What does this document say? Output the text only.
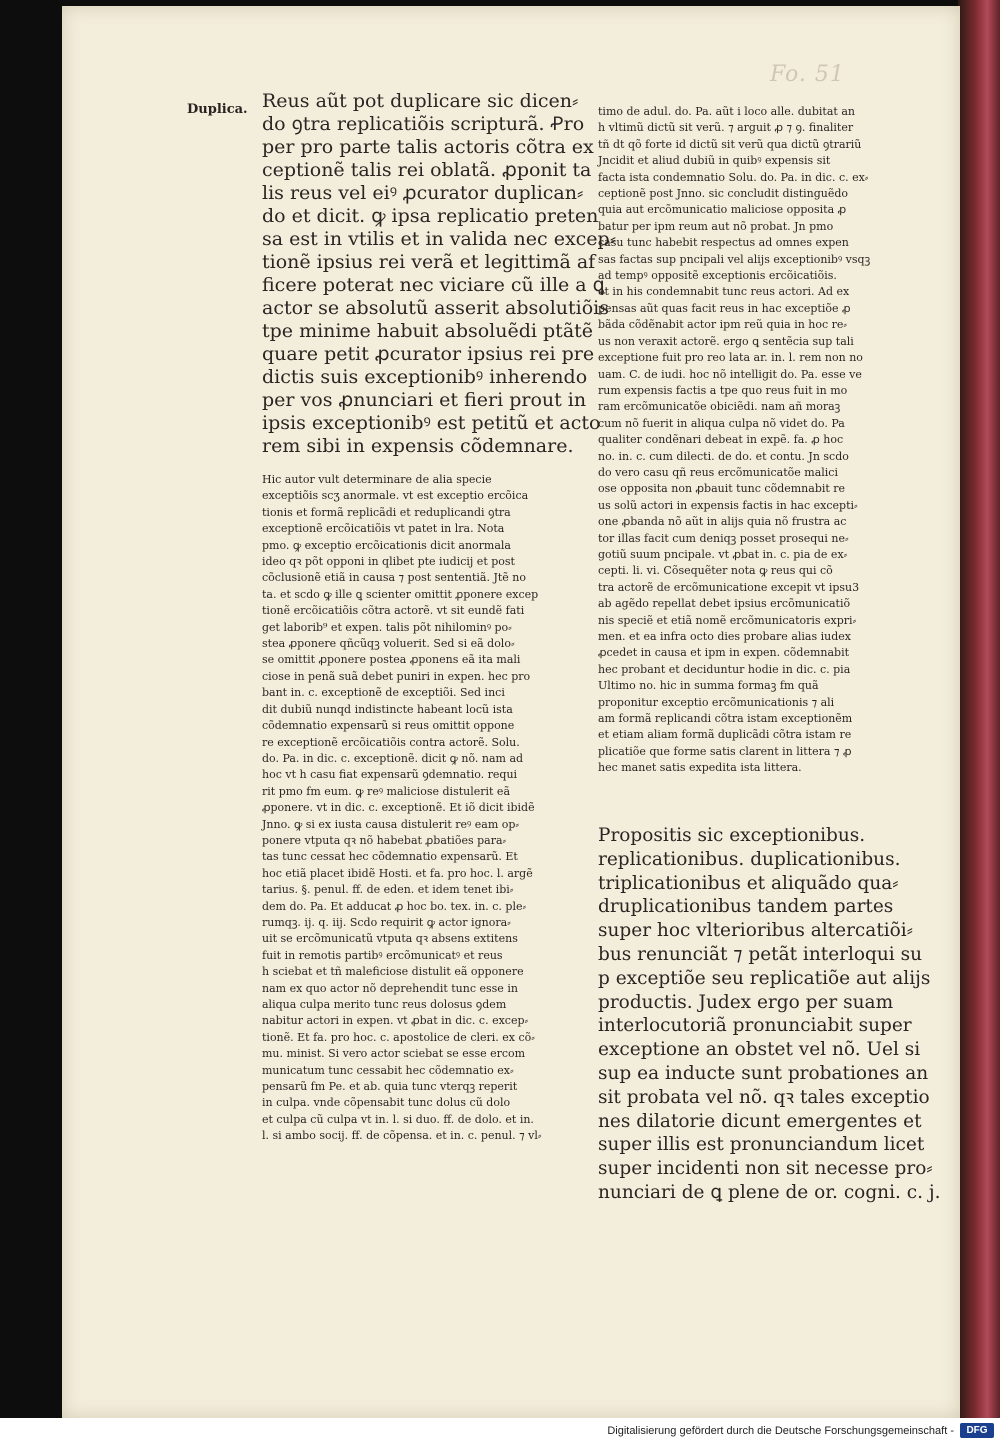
Fo. 51
Duplica. Reus aũt pot duplicare sic dicen⸗
do ꝯtra replicatiõis scripturã. Ꝓro
per pro parte talis actoris cõtra ex
ceptionẽ talis rei oblatã. ꝓponit ta
lis reus vel eiꝰ ꝓcurator duplican⸗
do et dicit. ꝙ ipsa replicatio preten
sa est in vtilis et in valida nec excep⸗
tionẽ ipsius rei verã et legittimã af
ficere poterat nec viciare cũ ille a ꝗ
actor se absolutũ asserit absolutiõis
tpe minime habuit absoluẽdi ptãtẽ
quare petit ꝓcurator ipsius rei pre
dictis suis exceptionibꝰ inherendo
per vos ꝓnunciari et fieri prout in
ipsis exceptionibꝰ est petitũ et acto
rem sibi in expensis cõdemnare.
Hic autor vult determinare de alia specie
exceptiõis scʒ anormale. vt est exceptio ercõica
tionis et formã replicãdi et reduplicandi ꝯtra
exceptionẽ ercõicatiõis vt patet in lra. Nota
pmo. ꝙ exceptio ercõicationis dicit anormala
ideo qꝛ põt opponi in qlibet pte iudicij et post
cõclusionẽ etiã in causa ⁊ post sententiã. Jtẽ no
ta. et scdo ꝙ ille ꝗ scienter omittit ꝓponere excep
tionẽ ercõicatiõis cõtra actorẽ. vt sit eundẽ fati
get laborib⁹ et expen. talis põt nihilominꝰ po⸗
stea ꝓponere qñcũqꝫ voluerit. Sed si eã dolo⸗
se omittit ꝓponere postea ꝓponens eã ita mali
ciose in penã suã debet puniri in expen. hec pro
bant in. c. exceptionẽ de exceptiõi. Sed inci
dit dubiũ nunqd indistincte habeant locũ ista
cõdemnatio expensarũ si reus omittit oppone
re exceptionẽ ercõicatiõis contra actorẽ. Solu.
do. Pa. in dic. c. exceptionẽ. dicit ꝙ nõ. nam ad
hoc vt h casu fiat expensarũ ꝯdemnatio. requi
rit pmo fm eum. ꝙ reꝰ maliciose distulerit eã
ꝓponere. vt in dic. c. exceptionẽ. Et iõ dicit ibidẽ
Jnno. ꝙ si ex iusta causa distulerit reꝰ eam op⸗
ponere vtputa qꝛ nõ habebat ꝓbatiões para⸗
tas tunc cessat hec cõdemnatio expensarũ. Et
hoc etiã placet ibidẽ Hosti. et fa. pro hoc. l. argẽ
tarius. §. penul. ff. de eden. et idem tenet ibi⸗
dem do. Pa. Et adducat ꝓ hoc bo. tex. in. c. ple⸗
rumqꝫ. ij. q. iij. Scdo requirit ꝙ actor ignora⸗
uit se ercõmunicatũ vtputa qꝛ absens extitens
fuit in remotis partibꝰ ercõmunicatꝰ et reus
h sciebat et tñ maleficiose distulit eã opponere
nam ex quo actor nõ deprehendit tunc esse in
aliqua culpa merito tunc reus dolosus ꝯdem
nabitur actori in expen. vt ꝓbat in dic. c. excep⸗
tionẽ. Et fa. pro hoc. c. apostolice de cleri. ex cõ⸗
mu. minist. Si vero actor sciebat se esse ercom
municatum tunc cessabit hec cõdemnatio ex⸗
pensarũ fm Pe. et ab. quia tunc vterqꝫ reperit
in culpa. vnde cõpensabit tunc dolus cũ dolo
et culpa cũ culpa vt in. l. si duo. ff. de dolo. et in.
l. si ambo socij. ff. de cõpensa. et in. c. penul. ⁊ vl⸗
timo de adul. do. Pa. aũt i loco alle. dubitat an
h vltimũ dictũ sit verũ. ⁊ arguit ꝓ ⁊ ꝯ. finaliter
tñ dt qõ forte id dictũ sit verũ qua dictũ ꝯtrariũ
Jncidit et aliud dubiũ in quibꝰ expensis sit
facta ista condemnatio Solu. do. Pa. in dic. c. ex⸗
ceptionẽ post Jnno. sic concludit distinguẽdo
quia aut ercõmunicatio maliciose opposita ꝓ
batur per ipm reum aut nõ probat. Jn pmo
casu tunc habebit respectus ad omnes expen
sas factas sup pncipali vel alijs exceptionibꝰ vsqꝫ
ad tempꝰ oppositẽ exceptionis ercõicatiõis.
et in his condemnabit tunc reus actori. Ad ex
pensas aũt quas facit reus in hac exceptiõe ꝓ
bãda cõdẽnabit actor ipm reũ quia in hoc re⸗
us non veraxit actorẽ. ergo ꝗ sentẽcia sup tali
exceptione fuit pro reo lata ar. in. l. rem non no
uam. C. de iudi. hoc nõ intelligit do. Pa. esse ve
rum expensis factis a tpe quo reus fuit in mo
ram ercõmunicatõe obiciẽdi. nam añ moraꝫ
cum nõ fuerit in aliqua culpa nõ videt do. Pa
qualiter condẽnari debeat in expẽ. fa. ꝓ hoc
no. in. c. cum dilecti. de do. et contu. Jn scdo
do vero casu qñ reus ercõmunicatõe malici
ose opposita non ꝓbauit tunc cõdemnabit re
us solũ actori in expensis factis in hac excepti⸗
one ꝓbanda nõ aũt in alijs quia nõ frustra ac
tor illas facit cum deniqꝫ posset prosequi ne⸗
gotiũ suum pncipale. vt ꝓbat in. c. pia de ex⸗
cepti. li. vi. Cõsequẽter nota ꝙ reus qui cõ
tra actorẽ de ercõmunicatione excepit vt ipsu3
ab agẽdo repellat debet ipsius ercõmunicatiõ
nis speciẽ et etiã nomẽ ercõmunicatoris expri⸗
men. et ea infra octo dies probare alias iudex
ꝓcedet in causa et ipm in expen. cõdemnabit
hec probant et deciduntur hodie in dic. c. pia
Ultimo no. hic in summa formaꝫ fm quã
proponitur exceptio ercõmunicationis ⁊ ali
am formã replicandi cõtra istam exceptionẽm
et etiam aliam formã duplicãdi cõtra istam re
plicatiõe que forme satis clarent in littera ⁊ ꝓ
hec manet satis expedita ista littera.
Propositis sic exceptionibus.
replicationibus. duplicationibus.
triplicationibus et aliquãdo qua⸗
druplicationibus tandem partes
super hoc vlterioribus altercatiõi⸗
bus renunciãt ⁊ petãt interloqui su
p exceptiõe seu replicatiõe aut alijs
productis. Judex ergo per suam
interlocutoriã pronunciabit super
exceptione an obstet vel nõ. Uel si
sup ea inducte sunt probationes an
sit probata vel nõ. qꝛ tales exceptio
nes dilatorie dicunt emergentes et
super illis est pronunciandum licet
super incidenti non sit necesse pro⸗
nunciari de ꝗ plene de or. cogni. c. j.
Digitalisierung gefördert durch die Deutsche Forschungsgemeinschaft -	DFG
